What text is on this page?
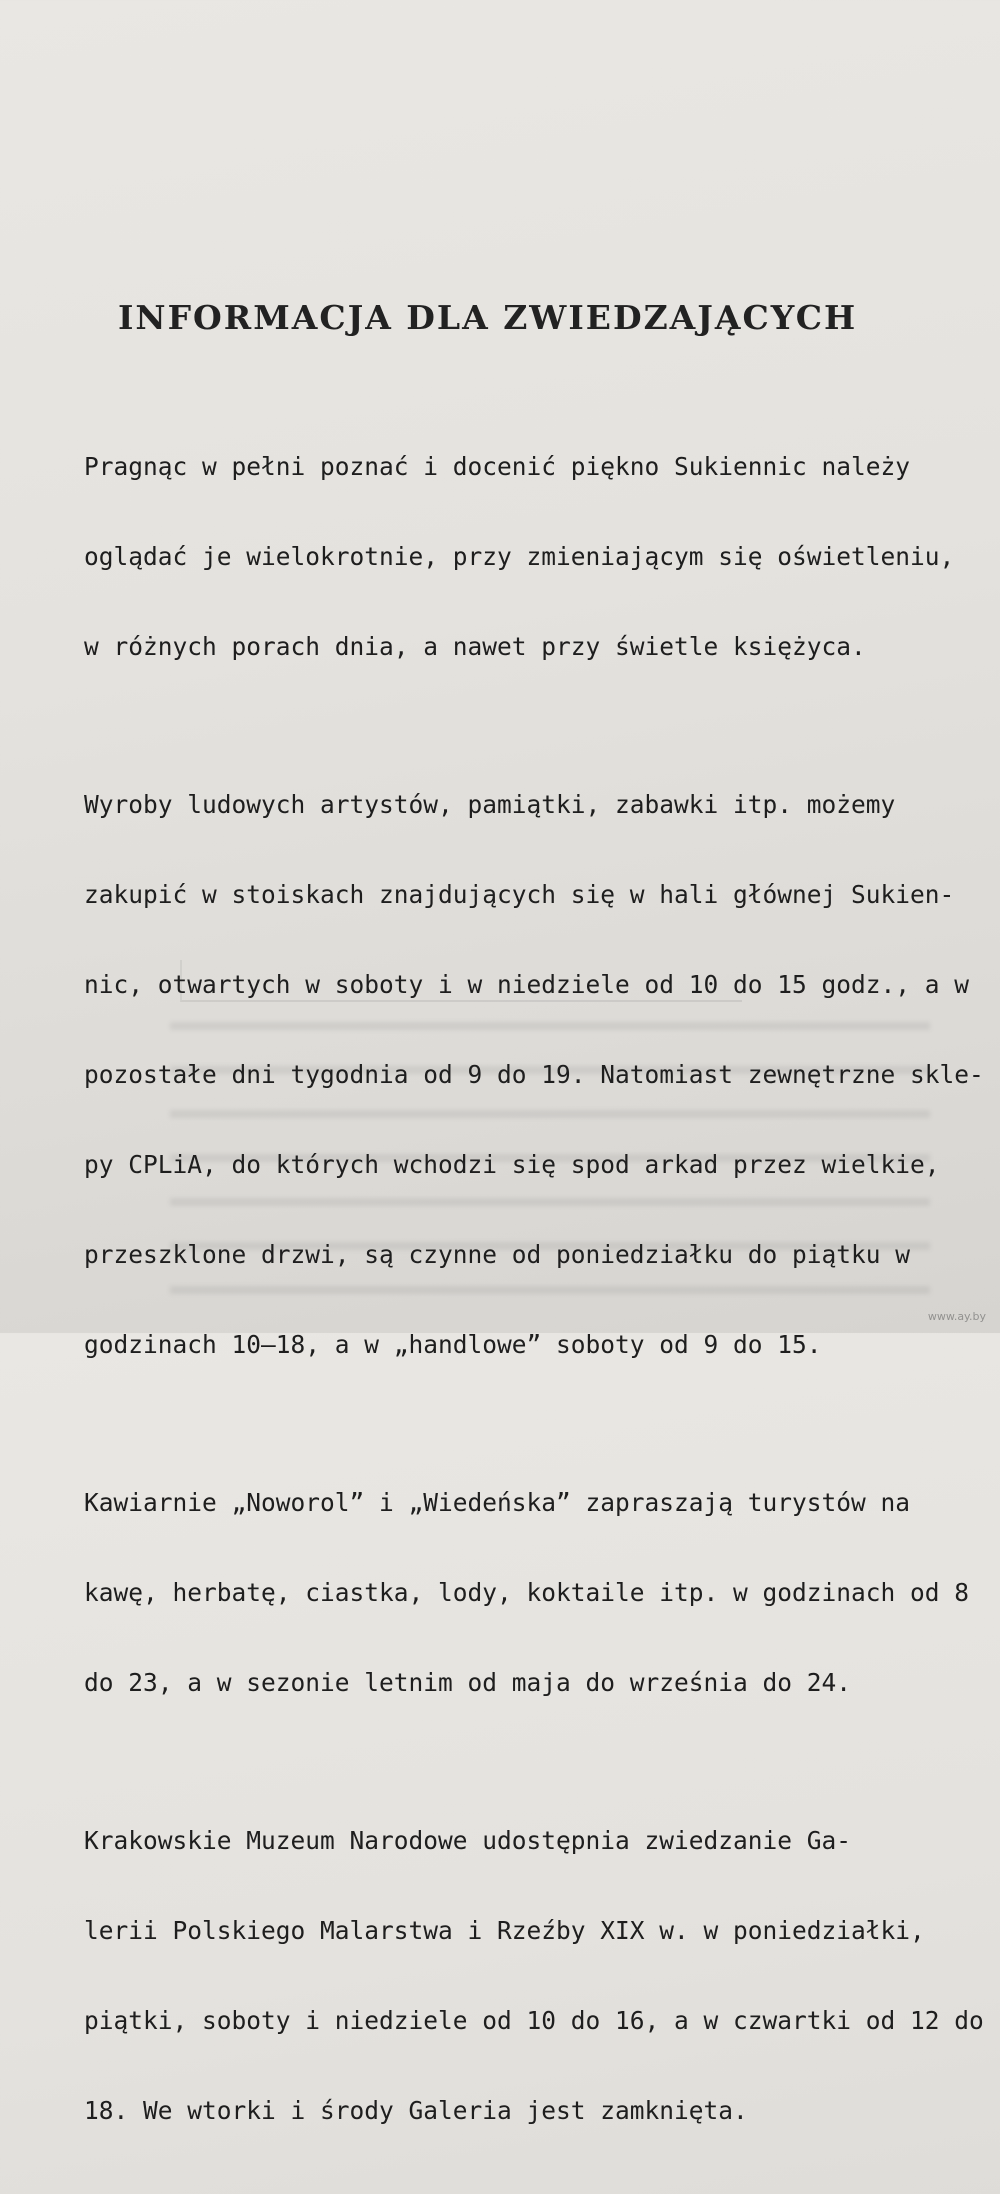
INFORMACJA DLA ZWIEDZAJĄCYCH

Pragnąc w pełni poznać i docenić piękno Sukiennic należy

oglądać je wielokrotnie, przy zmieniającym się oświetleniu,

w różnych porach dnia, a nawet przy świetle księżyca.

Wyroby ludowych artystów, pamiątki, zabawki itp. możemy

zakupić w stoiskach znajdujących się w hali głównej Sukien-

nic, otwartych w soboty i w niedziele od 10 do 15 godz., a w

pozostałe dni tygodnia od 9 do 19. Natomiast zewnętrzne skle-

py CPLiA, do których wchodzi się spod arkad przez wielkie,

przeszklone drzwi, są czynne od poniedziałku do piątku w

godzinach 10—18, a w „handlowe” soboty od 9 do 15.

Kawiarnie „Noworol” i „Wiedeńska” zapraszają turystów na

kawę, herbatę, ciastka, lody, koktaile itp. w godzinach od 8

do 23, a w sezonie letnim od maja do września do 24.

Krakowskie Muzeum Narodowe udostępnia zwiedzanie Ga-

lerii Polskiego Malarstwa i Rzeźby XIX w. w poniedziałki,

piątki, soboty i niedziele od 10 do 16, a w czwartki od 12 do

18. We wtorki i środy Galeria jest zamknięta.

www.ay.by
